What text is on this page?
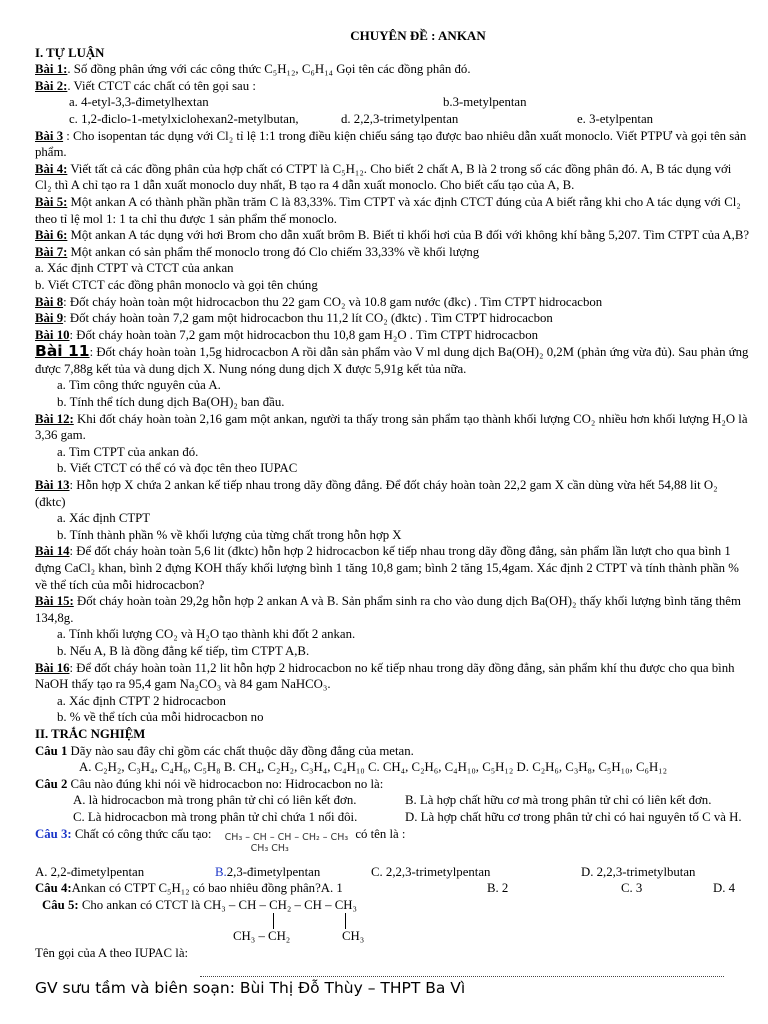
CHUYÊN ĐỀ : ANKAN
I. TỰ LUẬN
Bài 1:. Số đồng phân ứng với các công thức C₅H₁₂, C₆H₁₄ Gọi tên các đồng phân đó.
Bài 2:. Viết CTCT các chất có tên gọi sau :
a. 4-etyl-3,3-đimetylhextan	b.3-metylpentan
c. 1,2-điclo-1-metylxiclohexan2-metylbutan,	d. 2,2,3-trimetylpentan	e. 3-etylpentan
Bài 3 : Cho isopentan tác dụng với Cl₂ tỉ lệ 1:1 trong điều kiện chiếu sáng tạo được bao nhiêu dẫn xuất monoclo. Viết PTPƯ và gọi tên sản phẩm.
Bài 4: Viết tất cả các đồng phân của hợp chất có CTPT là C₅H₁₂. Cho biết 2 chất A, B là 2 trong số các đồng phân đó. A, B tác dụng với Cl₂ thì A chỉ tạo ra 1 dẫn xuất monoclo duy nhất, B tạo ra 4 dẫn xuất monoclo. Cho biết cấu tạo của A, B.
Bài 5: Một ankan A có thành phần phần trăm C là 83,33%. Tìm CTPT và xác định CTCT đúng của A biết rằng khi cho A tác dụng với Cl₂ theo tỉ lệ mol 1: 1 ta chỉ thu được 1 sản phẩm thế monoclo.
Bài 6: Một ankan A tác dụng với hơi Brom cho dẫn xuất brôm B. Biết tỉ khối hơi của B đối với không khí bằng 5,207. Tìm CTPT của A,B?
Bài 7: Một ankan có sản phẩm thế monoclo trong đó Clo chiếm 33,33% về khối lượng
a. Xác định CTPT và CTCT của ankan
b. Viết CTCT các đồng phân monoclo và gọi tên chúng
Bài 8: Đốt cháy hoàn toàn một hidrocacbon thu 22 gam CO₂ và 10.8 gam nước (đkc) . Tìm CTPT hidrocacbon
Bài 9: Đốt cháy hoàn toàn 7,2 gam một hidrocacbon thu 11,2 lít CO₂ (đktc) . Tìm CTPT hidrocacbon
Bài 10: Đốt cháy hoàn toàn 7,2 gam một hidrocacbon thu 10,8 gam H₂O . Tìm CTPT hidrocacbon
Bài 11: Đốt cháy hoàn toàn 1,5g hidrocacbon A rồi dẫn sản phẩm vào V ml dung dịch Ba(OH)₂ 0,2M (phản ứng vừa đủ). Sau phản ứng được 7,88g kết tủa và dung dịch X. Nung nóng dung dịch X được 5,91g kết tủa nữa.
a. Tìm công thức nguyên của A.
b. Tính thể tích dung dịch Ba(OH)₂ ban đầu.
Bài 12: Khi đốt cháy hoàn toàn 2,16 gam một ankan, người ta thấy trong sản phẩm tạo thành khối lượng CO₂ nhiều hơn khối lượng H₂O là 3,36 gam.
a. Tìm CTPT của ankan đó.
b. Viết CTCT có thể có và đọc tên theo IUPAC
Bài 13: Hỗn hợp X chứa 2 ankan kế tiếp nhau trong dãy đồng đẳng. Để đốt cháy hoàn toàn 22,2 gam X cần dùng vừa hết 54,88 lit O₂ (đktc)
a. Xác định CTPT
b. Tính thành phần % về khối lượng của từng chất trong hỗn hợp X
Bài 14: Để đốt cháy hoàn toàn 5,6 lit (đktc) hỗn hợp 2 hidrocacbon kế tiếp nhau trong dãy đồng đẳng, sản phẩm lần lượt cho qua bình 1 đựng CaCl₂ khan, bình 2 đựng KOH thấy khối lượng bình 1 tăng 10,8 gam; bình 2 tăng 15,4gam. Xác định 2 CTPT và tính thành phần % về thể tích của mỗi hidrocacbon?
Bài 15: Đốt cháy hoàn toàn 29,2g hỗn hợp 2 ankan A và B. Sản phẩm sinh ra cho vào dung dịch Ba(OH)₂ thấy khối lượng bình tăng thêm 134,8g.
a. Tính khối lượng CO₂ và H₂O tạo thành khi đốt 2 ankan.
b. Nếu A, B là đồng đẳng kế tiếp, tìm CTPT A,B.
Bài 16: Để đốt cháy hoàn toàn 11,2 lit hỗn hợp 2 hidrocacbon no kế tiếp nhau trong dãy đồng đẳng, sản phẩm khí thu được cho qua bình NaOH thấy tạo ra 95,4 gam Na₂CO₃ và 84 gam NaHCO₃.
a. Xác định CTPT 2 hidrocacbon
b. % về thể tích của mỗi hidrocacbon no
II. TRẮC NGHIỆM
Câu 1 Dãy nào sau đây chỉ gồm các chất thuộc dãy đồng đẳng của metan.
A. C₂H₂, C₃H₄, C₄H₆, C₅H₈ B. CH₄, C₂H₂, C₃H₄, C₄H₁₀ C. CH₄, C₂H₆, C₄H₁₀, C₅H₁₂ D. C₂H₆, C₃H₈, C₅H₁₀, C₆H₁₂
Câu 2 Câu nào đúng khi nói về hidrocacbon no: Hidrocacbon no là:
A. là hidrocacbon mà trong phân tử chỉ có liên kết đơn.	B. Là hợp chất hữu cơ mà trong phân tử chỉ có liên kết đơn.
C. Là hidrocacbon mà trong phân tử chỉ chứa 1 nối đôi.	D. Là hợp chất hữu cơ trong phân tử chỉ có hai nguyên tố C và H.
Câu 3: Chất có công thức cấu tạo: CH₃ – CH – CH – CH₂ – CH₃
CH₃ CH₃ có tên là :
A. 2,2-đimetylpentan	B.2,3-đimetylpentan	C. 2,2,3-trimetylpentan	D. 2,2,3-trimetylbutan
Câu 4:Ankan có CTPT C₅H₁₂ có bao nhiêu đồng phân?A. 1	B. 2	C. 3	D. 4
Câu 5: Cho ankan có CTCT là CH₃ – CH – CH₂ – CH – CH₃
CH₃ – CH₂	CH₃
Tên gọi của A theo IUPAC là:
GV sưu tầm và biên soạn: Bùi Thị Đỗ Thùy – THPT Ba Vì
